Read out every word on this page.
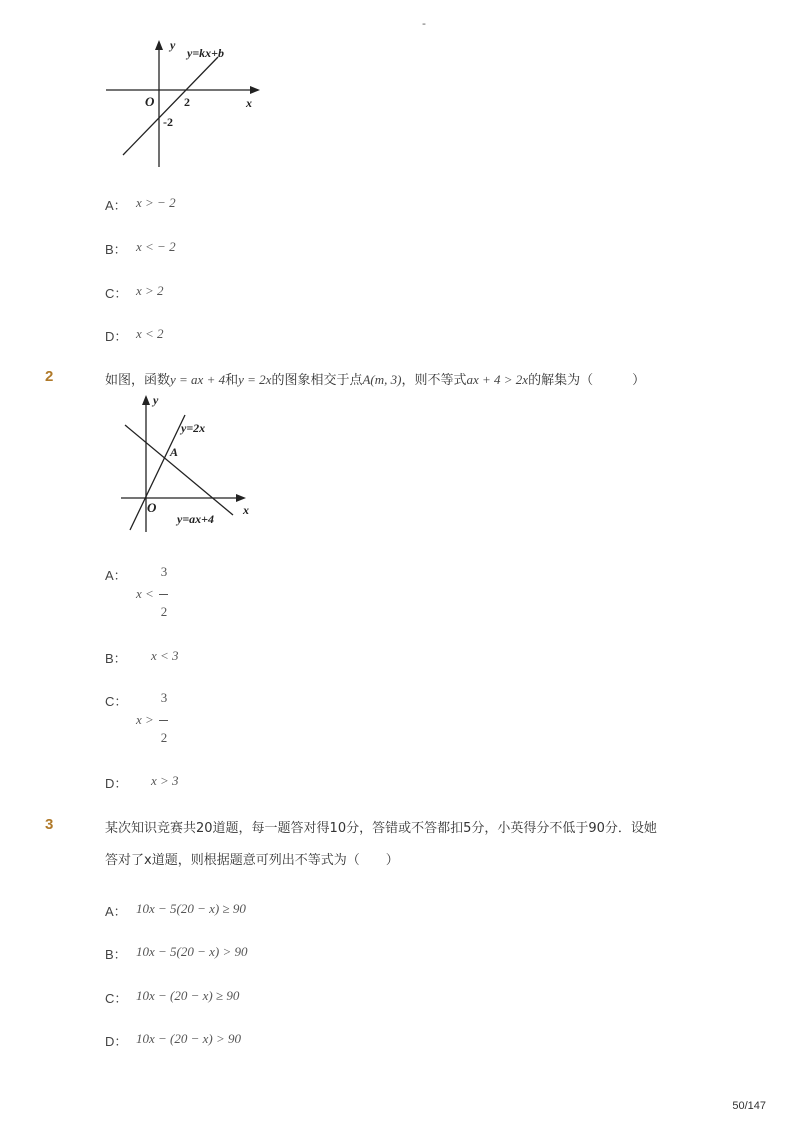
-
y=kx+b
y
x
O 2
-2
A： x > − 2
B： x < − 2
C： x > 2
D： x < 2
2	如图，函数y = ax + 4和y = 2x的图象相交于点A(m, 3)，则不等式ax + 4 > 2x的解集为（　　　）
y
x
O
A
y=2x
y=ax+4
A：
x <
3
2
B： x < 3
C：
x >
3
2
D： x > 3
3	某次知识竞赛共20道题，每一题答对得10分，答错或不答都扣5分，小英得分不低于90分．设她
答对了x道题，则根据题意可列出不等式为（　　）
A： 10x − 5(20 − x) ≥ 90
B： 10x − 5(20 − x) > 90
C： 10x − (20 − x) ≥ 90
D： 10x − (20 − x) > 90
50/147
